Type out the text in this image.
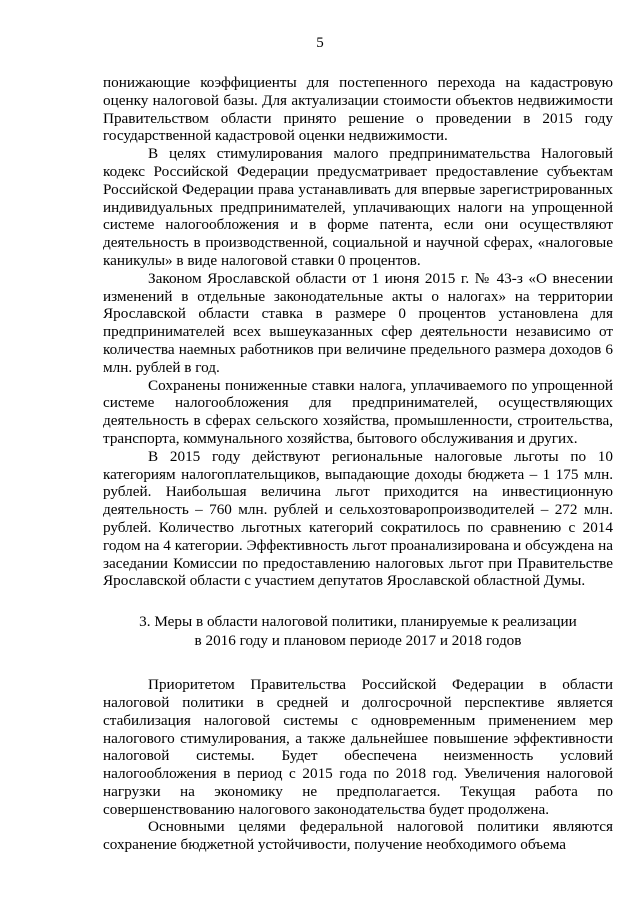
5

понижающие коэффициенты для постепенного перехода на кадастровую оценку налоговой базы. Для актуализации стоимости объектов недвижимости Правительством области принято решение о проведении в 2015 году государственной кадастровой оценки недвижимости.

В целях стимулирования малого предпринимательства Налоговый кодекс Российской Федерации предусматривает предоставление субъектам Российской Федерации права устанавливать для впервые зарегистрированных индивидуальных предпринимателей, уплачивающих налоги на упрощенной системе налогообложения и в форме патента, если они осуществляют деятельность в производственной, социальной и научной сферах, «налоговые каникулы» в виде налоговой ставки 0 процентов.

Законом Ярославской области от 1 июня 2015 г. № 43-з «О внесении изменений в отдельные законодательные акты о налогах» на территории Ярославской области ставка в размере 0 процентов установлена для предпринимателей всех вышеуказанных сфер деятельности независимо от количества наемных работников при величине предельного размера доходов 6 млн. рублей в год.

Сохранены пониженные ставки налога, уплачиваемого по упрощенной системе налогообложения для предпринимателей, осуществляющих деятельность в сферах сельского хозяйства, промышленности, строительства, транспорта, коммунального хозяйства, бытового обслуживания и других.

В 2015 году действуют региональные налоговые льготы по 10 категориям налогоплательщиков, выпадающие доходы бюджета – 1 175 млн. рублей. Наибольшая величина льгот приходится на инвестиционную деятельность – 760 млн. рублей и сельхозтоваропроизводителей – 272 млн. рублей. Количество льготных категорий сократилось по сравнению с 2014 годом на 4 категории. Эффективность льгот проанализирована и обсуждена на заседании Комиссии по предоставлению налоговых льгот при Правительстве Ярославской области с участием депутатов Ярославской областной Думы.

3. Меры в области налоговой политики, планируемые к реализации
в 2016 году и плановом периоде 2017 и 2018 годов

Приоритетом Правительства Российской Федерации в области налоговой политики в средней и долгосрочной перспективе является стабилизация налоговой системы с одновременным применением мер налогового стимулирования, а также дальнейшее повышение эффективности налоговой системы. Будет обеспечена неизменность условий налогообложения в период с 2015 года по 2018 год. Увеличения налоговой нагрузки на экономику не предполагается. Текущая работа по совершенствованию налогового законодательства будет продолжена.

Основными целями федеральной налоговой политики являются сохранение бюджетной устойчивости, получение необходимого объема
